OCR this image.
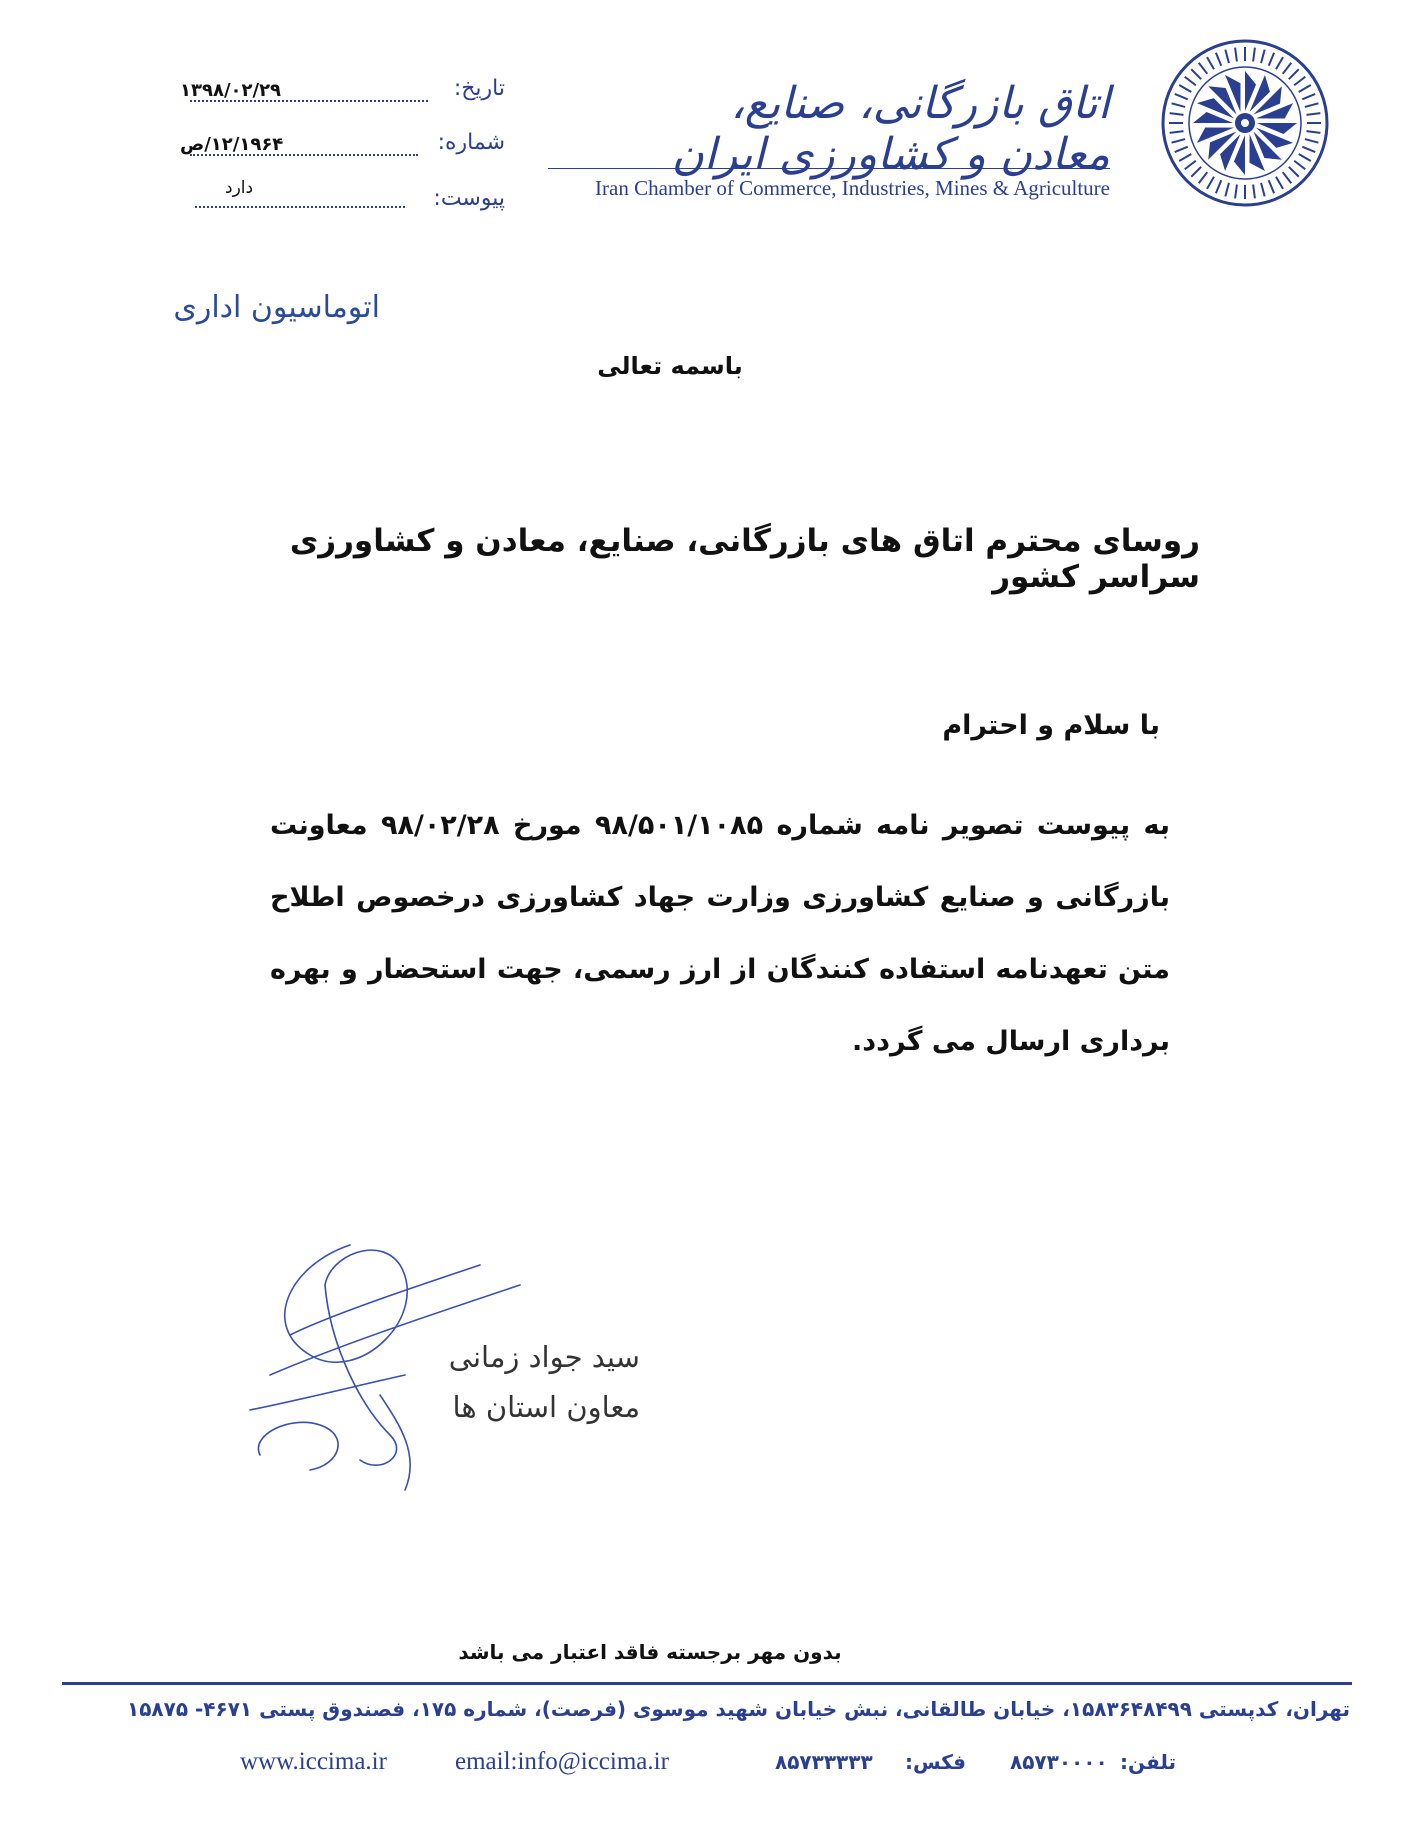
اتاق بازرگانی، صنایع، معادن و کشاورزی ایران
Iran Chamber of Commerce, Industries, Mines & Agriculture
تاریخ:
۱۳۹۸/۰۲/۲۹
شماره:
۱۲/۱۹۶۴/ص
پیوست:
دارد
اتوماسیون اداری
باسمه تعالی
روسای محترم اتاق های بازرگانی، صنایع، معادن و کشاورزی سراسر کشور
با سلام و احترام
به پیوست تصویر نامه شماره ۹۸/۵۰۱/۱۰۸۵ مورخ ۹۸/۰۲/۲۸ معاونت بازرگانی و صنایع کشاورزی وزارت جهاد کشاورزی درخصوص اطلاح متن تعهدنامه استفاده کنندگان از ارز رسمی، جهت استحضار و بهره برداری ارسال می گردد.
سید جواد زمانی
معاون استان ها
بدون مهر برجسته فاقد اعتبار می باشد
تهران، کدپستی ۱۵۸۳۶۴۸۴۹۹، خیابان طالقانی، نبش خیابان شهید موسوی (فرصت)، شماره ۱۷۵، فصندوق پستی ۴۶۷۱- ۱۵۸۷۵
www.iccima.ir	email:info@iccima.ir	۸۵۷۳۳۳۳۳ فکس: ۸۵۷۳۰۰۰۰ تلفن:
